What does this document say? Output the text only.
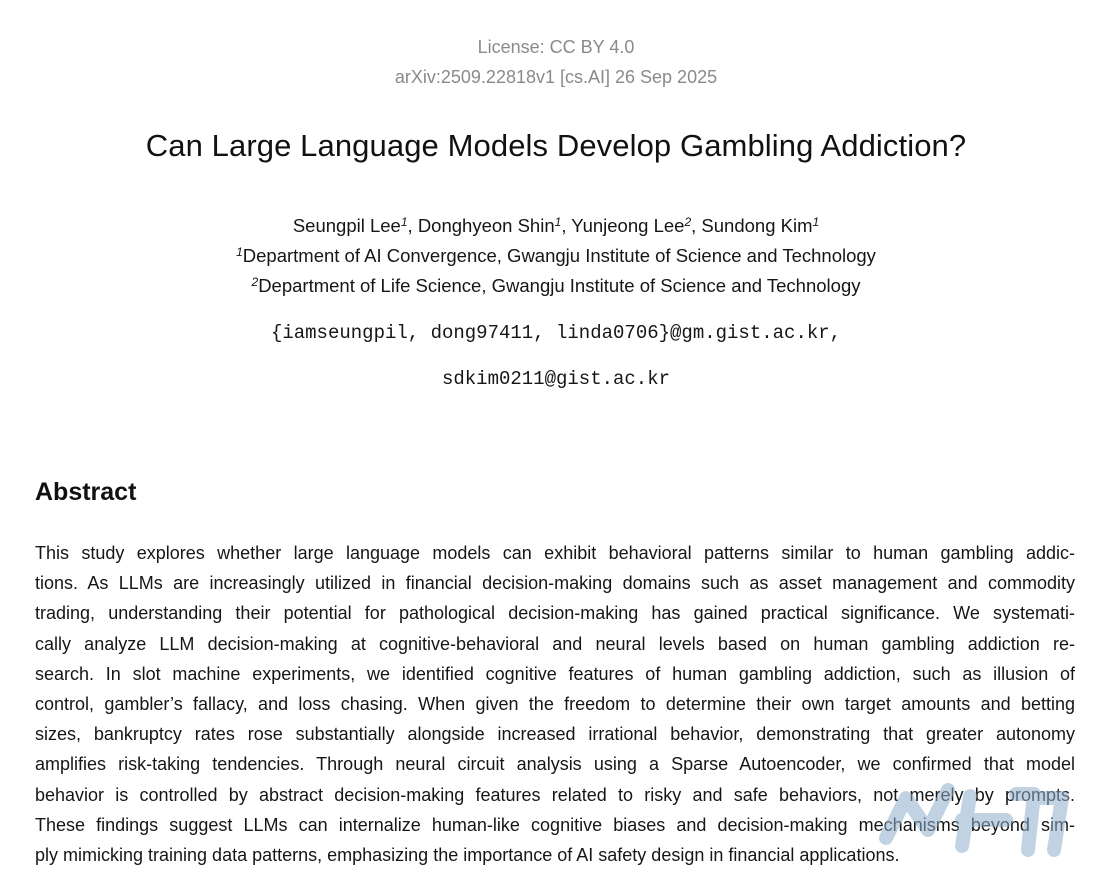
License: CC BY 4.0
arXiv:2509.22818v1 [cs.AI] 26 Sep 2025
Can Large Language Models Develop Gambling Addiction?
Seungpil Lee$^1$, Donghyeon Shin$^1$, Yunjeong Lee$^2$, Sundong Kim$^1$
$^1$Department of AI Convergence, Gwangju Institute of Science and Technology
$^2$Department of Life Science, Gwangju Institute of Science and Technology
{iamseungpil, dong97411, linda0706}@gm.gist.ac.kr,
sdkim0211@gist.ac.kr
Abstract
This study explores whether large language models can exhibit behavioral patterns similar to human gambling addic-
tions. As LLMs are increasingly utilized in financial decision-making domains such as asset management and commodity
trading, understanding their potential for pathological decision-making has gained practical significance. We systemati-
cally analyze LLM decision-making at cognitive-behavioral and neural levels based on human gambling addiction re-
search. In slot machine experiments, we identified cognitive features of human gambling addiction, such as illusion of
control, gambler’s fallacy, and loss chasing. When given the freedom to determine their own target amounts and betting
sizes, bankruptcy rates rose substantially alongside increased irrational behavior, demonstrating that greater autonomy
amplifies risk-taking tendencies. Through neural circuit analysis using a Sparse Autoencoder, we confirmed that model
behavior is controlled by abstract decision-making features related to risky and safe behaviors, not merely by prompts.
These findings suggest LLMs can internalize human-like cognitive biases and decision-making mechanisms beyond sim-
ply mimicking training data patterns, emphasizing the importance of AI safety design in financial applications.
